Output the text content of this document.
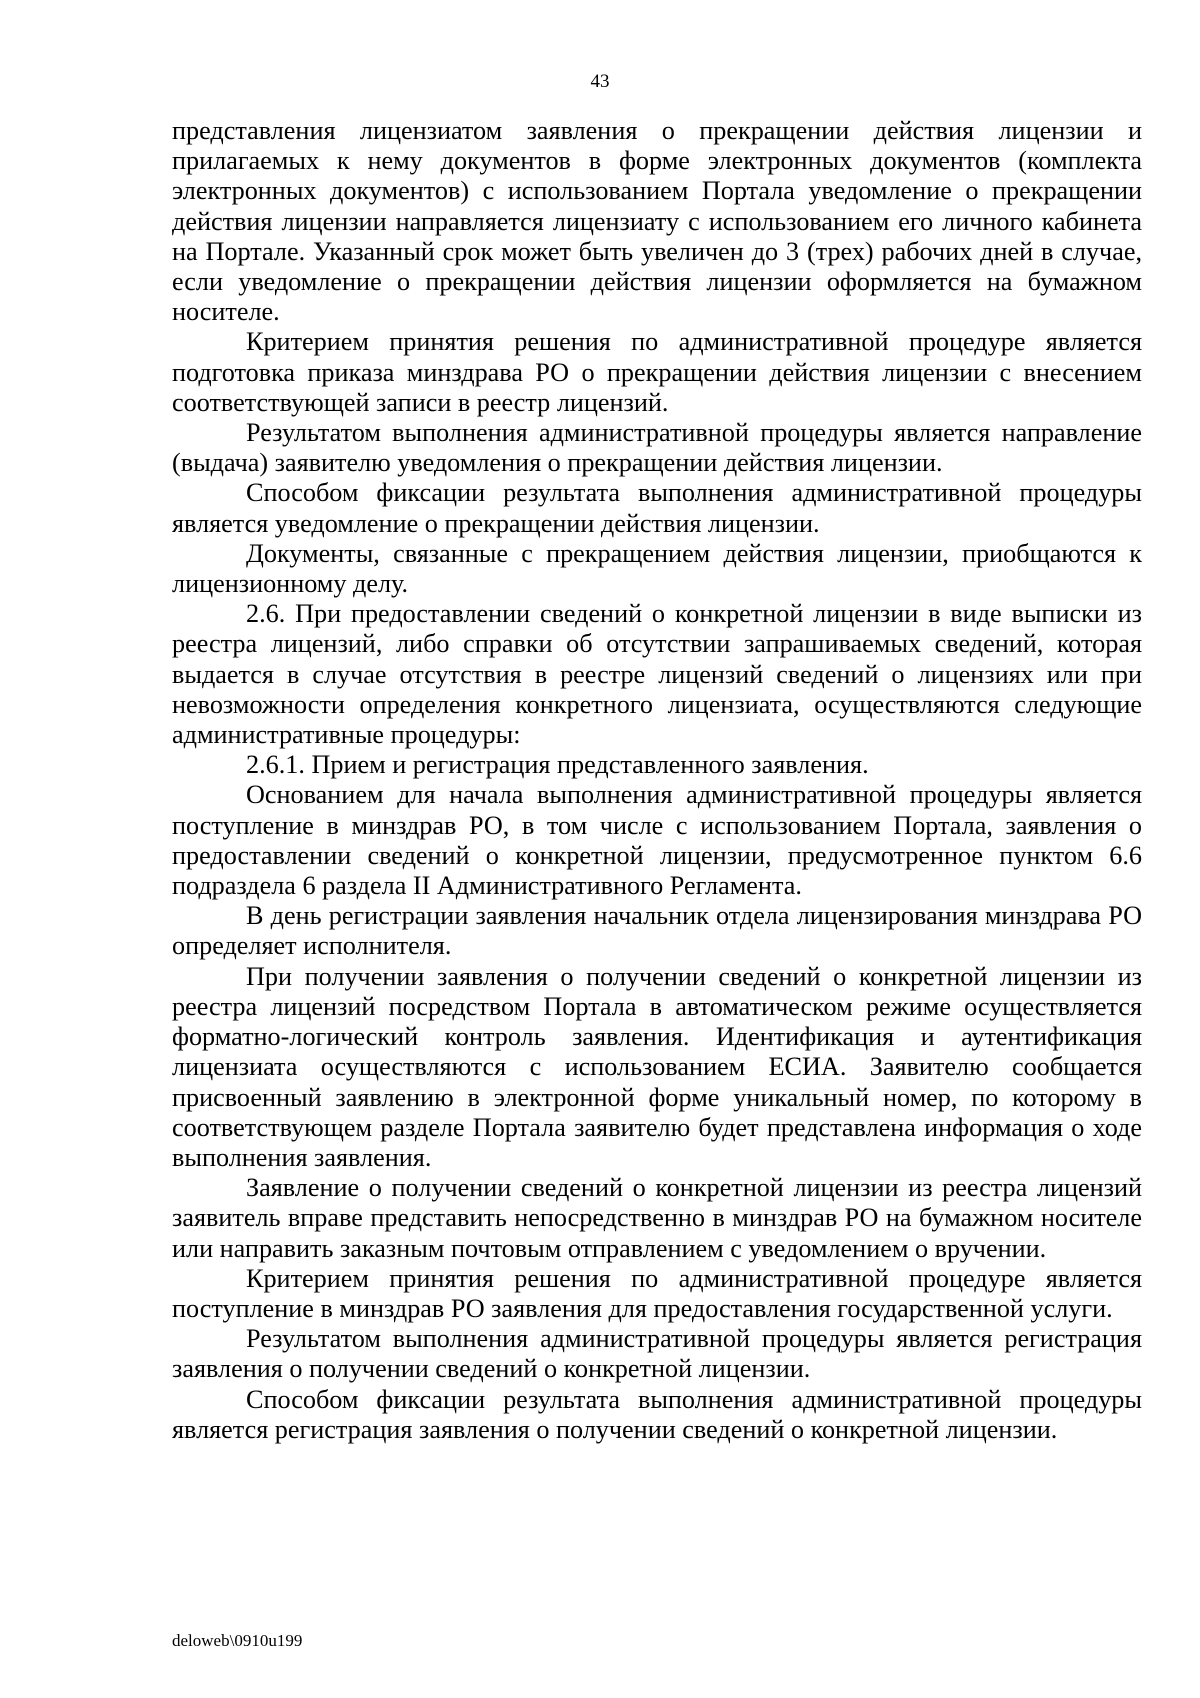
43

представления лицензиатом заявления о прекращении действия лицензии и прилагаемых к нему документов в форме электронных документов (комплекта электронных документов) с использованием Портала уведомление о прекращении действия лицензии направляется лицензиату с использованием его личного кабинета на Портале. Указанный срок может быть увеличен до 3 (трех) рабочих дней в случае, если уведомление о прекращении действия лицензии оформляется на бумажном носителе.

Критерием принятия решения по административной процедуре является подготовка приказа минздрава РО о прекращении действия лицензии с внесением соответствующей записи в реестр лицензий.

Результатом выполнения административной процедуры является направление (выдача) заявителю уведомления о прекращении действия лицензии.

Способом фиксации результата выполнения административной процедуры является уведомление о прекращении действия лицензии.

Документы, связанные с прекращением действия лицензии, приобщаются к лицензионному делу.

2.6. При предоставлении сведений о конкретной лицензии в виде выписки из реестра лицензий, либо справки об отсутствии запрашиваемых сведений, которая выдается в случае отсутствия в реестре лицензий сведений о лицензиях или при невозможности определения конкретного лицензиата, осуществляются следующие административные процедуры:

2.6.1. Прием и регистрация представленного заявления.

Основанием для начала выполнения административной процедуры является поступление в минздрав РО, в том числе с использованием Портала, заявления о предоставлении сведений о конкретной лицензии, предусмотренное пунктом 6.6 подраздела 6 раздела II Административного Регламента.

В день регистрации заявления начальник отдела лицензирования минздрава РО определяет исполнителя.

При получении заявления о получении сведений о конкретной лицензии из реестра лицензий посредством Портала в автоматическом режиме осуществляется форматно-логический контроль заявления. Идентификация и аутентификация лицензиата осуществляются с использованием ЕСИА. Заявителю сообщается присвоенный заявлению в электронной форме уникальный номер, по которому в соответствующем разделе Портала заявителю будет представлена информация о ходе выполнения заявления.

Заявление о получении сведений о конкретной лицензии из реестра лицензий заявитель вправе представить непосредственно в минздрав РО на бумажном носителе или направить заказным почтовым отправлением с уведомлением о вручении.

Критерием принятия решения по административной процедуре является поступление в минздрав РО заявления для предоставления государственной услуги.

Результатом выполнения административной процедуры является регистрация заявления о получении сведений о конкретной лицензии.

Способом фиксации результата выполнения административной процедуры является регистрация заявления о получении сведений о конкретной лицензии.

deloweb\0910u199
